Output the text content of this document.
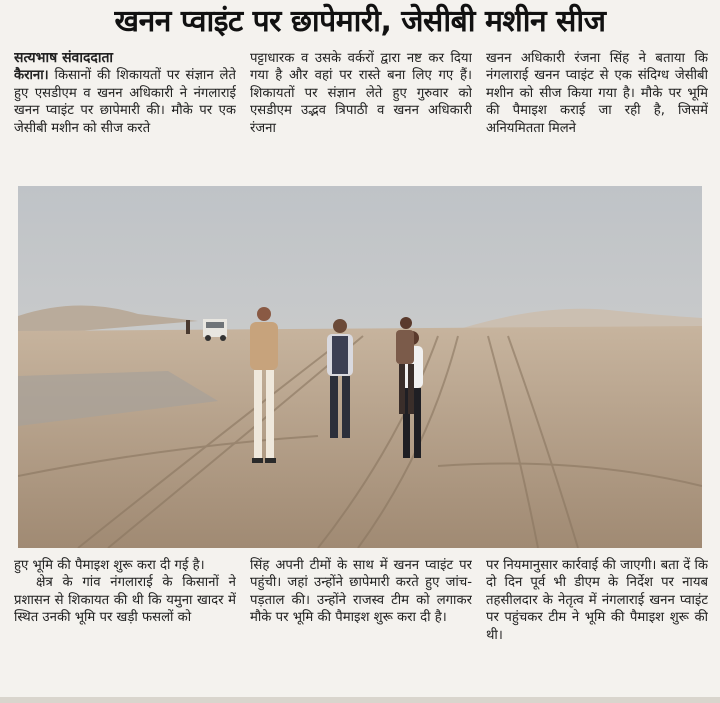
खनन प्वाइंट पर छापेमारी, जेसीबी मशीन सीज

सत्यभाष संवाददाता
कैराना। किसानों की शिकायतों पर संज्ञान लेते हुए एसडीएम व खनन अधिकारी ने नंगलाराई खनन प्वाइंट पर छापेमारी की। मौके पर एक जेसीबी मशीन को सीज करते

पट्टाधारक व उसके वर्करों द्वारा नष्ट कर दिया गया है और वहां पर रास्ते बना लिए गए हैं। शिकायतों पर संज्ञान लेते हुए गुरुवार को एसडीएम उद्भव त्रिपाठी व खनन अधिकारी रंजना

खनन अधिकारी रंजना सिंह ने बताया कि नंगलाराई खनन प्वाइंट से एक संदिग्ध जेसीबी मशीन को सीज किया गया है। मौके पर भूमि की पैमाइश कराई जा रही है, जिसमें अनियमितता मिलने

हुए भूमि की पैमाइश शुरू करा दी गई है।

क्षेत्र के गांव नंगलाराई के किसानों ने प्रशासन से शिकायत की थी कि यमुना खादर में स्थित उनकी भूमि पर खड़ी फसलों को

सिंह अपनी टीमों के साथ में खनन प्वाइंट पर पहुंची। जहां उन्होंने छापेमारी करते हुए जांच-पड़ताल की। उन्होंने राजस्व टीम को लगाकर मौके पर भूमि की पैमाइश शुरू करा दी है।

पर नियमानुसार कार्रवाई की जाएगी। बता दें कि दो दिन पूर्व भी डीएम के निर्देश पर नायब तहसीलदार के नेतृत्व में नंगलाराई खनन प्वाइंट पर पहुंचकर टीम ने भूमि की पैमाइश शुरू की थी।
